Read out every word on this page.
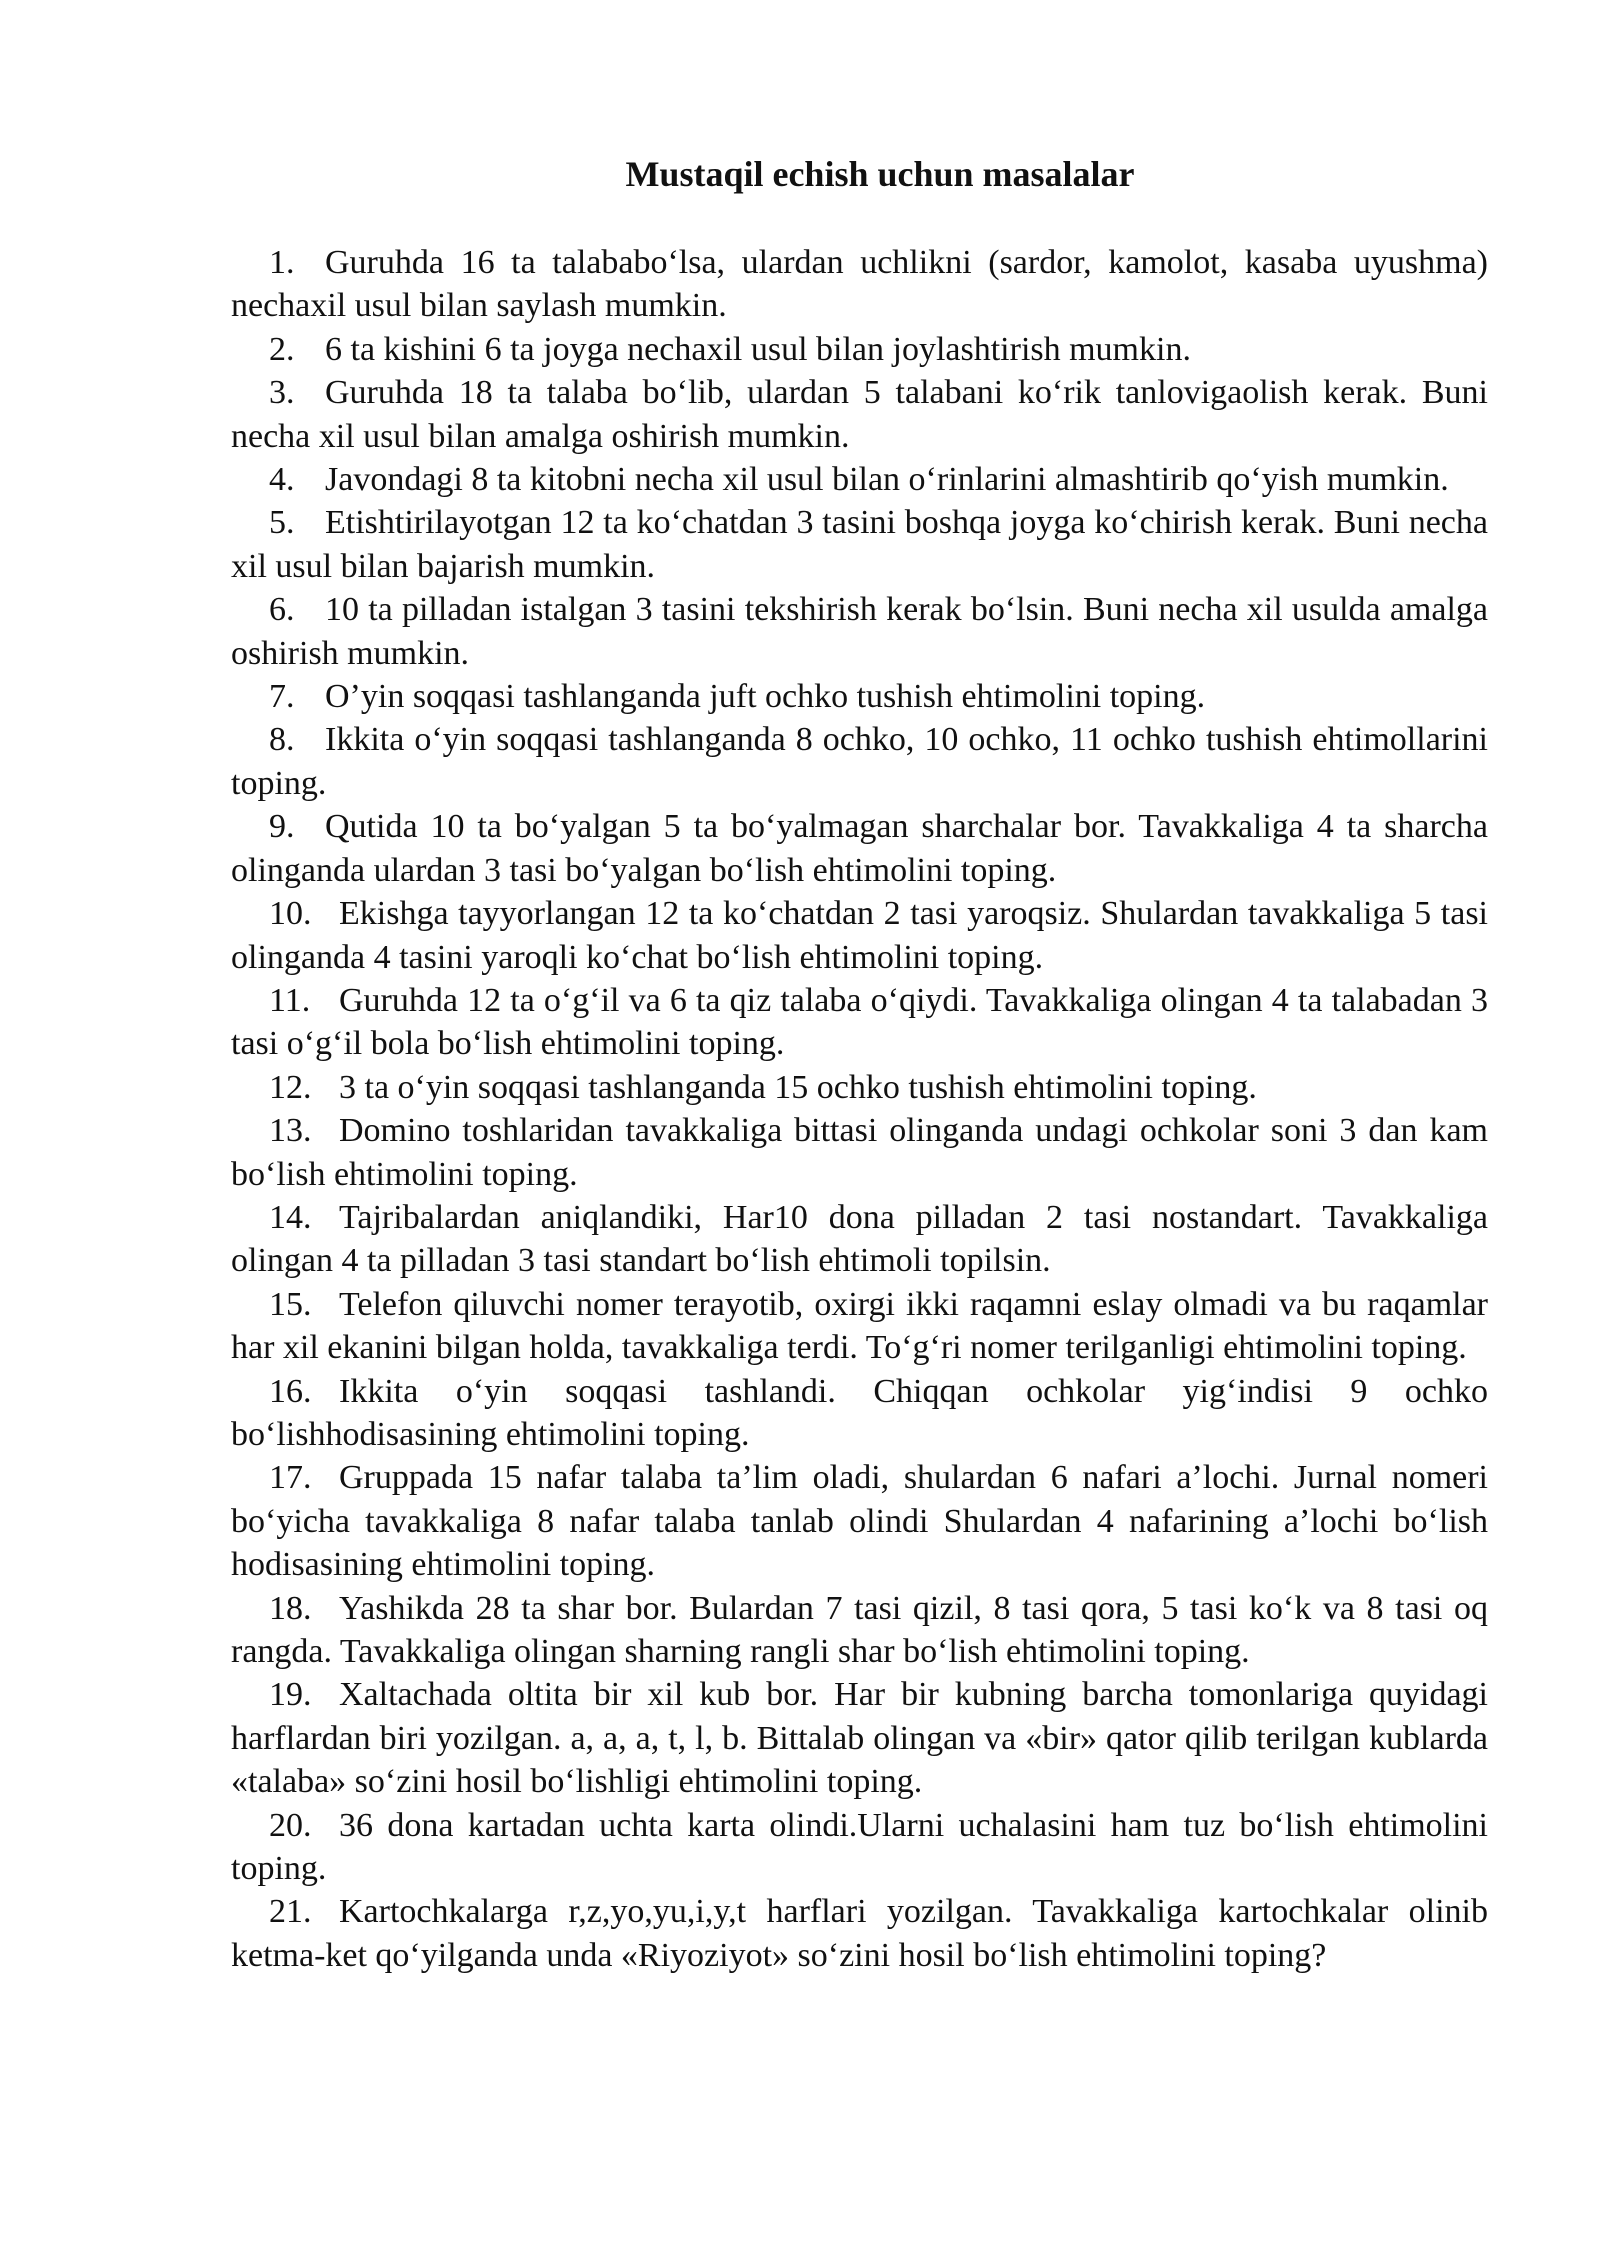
Mustaqil echish uchun masalalar
1. Guruhda 16 ta talababo‘lsa, ulardan uchlikni (sardor, kamolot, kasaba uyushma) nechaxil usul bilan saylash mumkin.
2. 6 ta kishini 6 ta joyga nechaxil usul bilan joylashtirish mumkin.
3. Guruhda 18 ta talaba bo‘lib, ulardan 5 talabani ko‘rik tanlovigaolish kerak. Buni necha xil usul bilan amalga oshirish mumkin.
4. Javondagi 8 ta kitobni necha xil usul bilan o‘rinlarini almashtirib qo‘yish mumkin.
5. Etishtirilayotgan 12 ta ko‘chatdan 3 tasini boshqa joyga ko‘chirish kerak. Buni necha xil usul bilan bajarish mumkin.
6. 10 ta pilladan istalgan 3 tasini tekshirish kerak bo‘lsin. Buni necha xil usulda amalga oshirish mumkin.
7. O’yin soqqasi tashlanganda juft ochko tushish ehtimolini toping.
8. Ikkita o‘yin soqqasi tashlanganda 8 ochko, 10 ochko, 11 ochko tushish ehtimollarini toping.
9. Qutida 10 ta bo‘yalgan 5 ta bo‘yalmagan sharchalar bor. Tavakkaliga 4 ta sharcha olinganda ulardan 3 tasi bo‘yalgan bo‘lish ehtimolini toping.
10. Ekishga tayyorlangan 12 ta ko‘chatdan 2 tasi yaroqsiz. Shulardan tavakkaliga 5 tasi olinganda 4 tasini yaroqli ko‘chat bo‘lish ehtimolini toping.
11. Guruhda 12 ta o‘g‘il va 6 ta qiz talaba o‘qiydi. Tavakkaliga olingan 4 ta talabadan 3 tasi o‘g‘il bola bo‘lish ehtimolini toping.
12. 3 ta o‘yin soqqasi tashlanganda 15 ochko tushish ehtimolini toping.
13. Domino toshlaridan tavakkaliga bittasi olinganda undagi ochkolar soni 3 dan kam bo‘lish ehtimolini toping.
14. Tajribalardan aniqlandiki, Har10 dona pilladan 2 tasi nostandart. Tavakkaliga olingan 4 ta pilladan 3 tasi standart bo‘lish ehtimoli topilsin.
15. Telefon qiluvchi nomer terayotib, oxirgi ikki raqamni eslay olmadi va bu raqamlar har xil ekanini bilgan holda, tavakkaliga terdi. To‘g‘ri nomer terilganligi ehtimolini toping.
16. Ikkita o‘yin soqqasi tashlandi. Chiqqan ochkolar yig‘indisi 9 ochko bo‘lishhodisasining ehtimolini toping.
17. Gruppada 15 nafar talaba ta’lim oladi, shulardan 6 nafari a’lochi. Jurnal nomeri bo‘yicha tavakkaliga 8 nafar talaba tanlab olindi Shulardan 4 nafarining a’lochi bo‘lish hodisasining ehtimolini toping.
18. Yashikda 28 ta shar bor. Bulardan 7 tasi qizil, 8 tasi qora, 5 tasi ko‘k va 8 tasi oq rangda. Tavakkaliga olingan sharning rangli shar bo‘lish ehtimolini toping.
19. Xaltachada oltita bir xil kub bor. Har bir kubning barcha tomonlariga quyidagi harflardan biri yozilgan. a, a, a, t, l, b. Bittalab olingan va «bir» qator qilib terilgan kublarda «talaba» so‘zini hosil bo‘lishligi ehtimolini toping.
20. 36 dona kartadan uchta karta olindi.Ularni uchalasini ham tuz bo‘lish ehtimolini toping.
21. Kartochkalarga r,z,yo,yu,i,y,t harflari yozilgan. Tavakkaliga kartochkalar olinib ketma-ket qo‘yilganda unda «Riyoziyot» so‘zini hosil bo‘lish ehtimolini toping?
